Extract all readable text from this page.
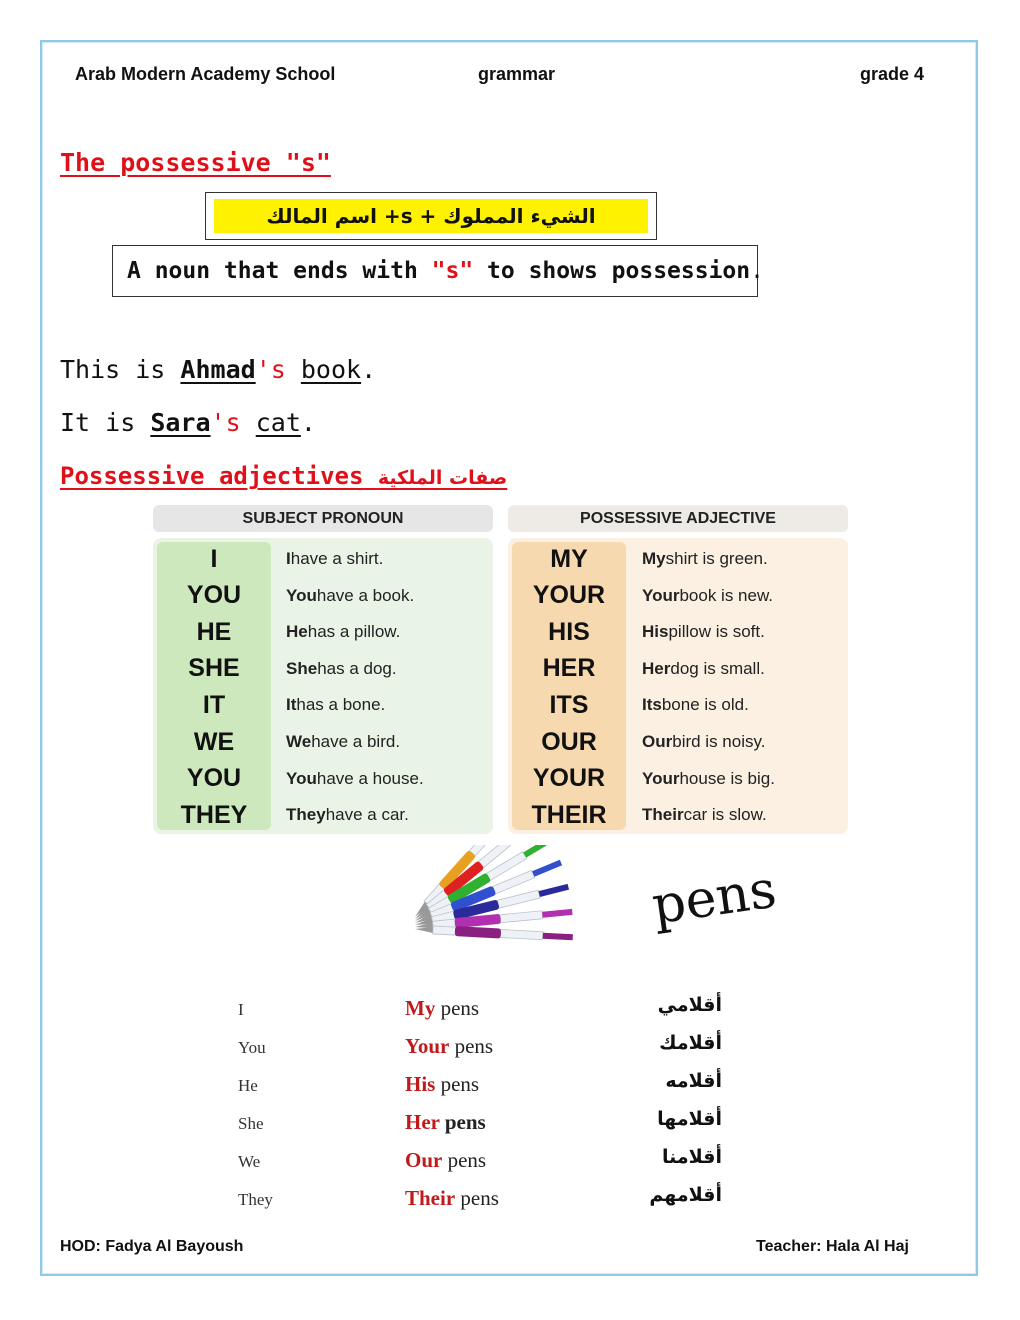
Arab Modern Academy School	grammar	grade 4
The possessive "s"
الشيء المملوك + s+ اسم المالك
A noun that ends with "s" to shows possession.
This is Ahmad's book.
It is Sara's cat.
Possessive adjectives صفات الملكية
SUBJECT PRONOUN	POSSESSIVE ADJECTIVE
I	I have a shirt.	MY	My shirt is green.
YOU	You have a book.	YOUR Your book is new.
HE	He has a pillow.	HIS	His pillow is soft.
SHE	She has a dog.	HER	Her dog is small.
IT	It has a bone.	ITS	Its bone is old.
WE	We have a bird.	OUR	Our bird is noisy.
YOU	You have a house.	YOUR Your house is big.
THEY They have a car.	THEIR Their car is slow.
pens
I	My pens	أقلامي
You	Your pens	أقلامك
He	His pens	أقلامه
She	Her pens	أقلامها
We	Our pens	أقلامنا
They	Their pens	أقلامهم
HOD: Fadya Al Bayoush	Teacher: Hala Al Haj
